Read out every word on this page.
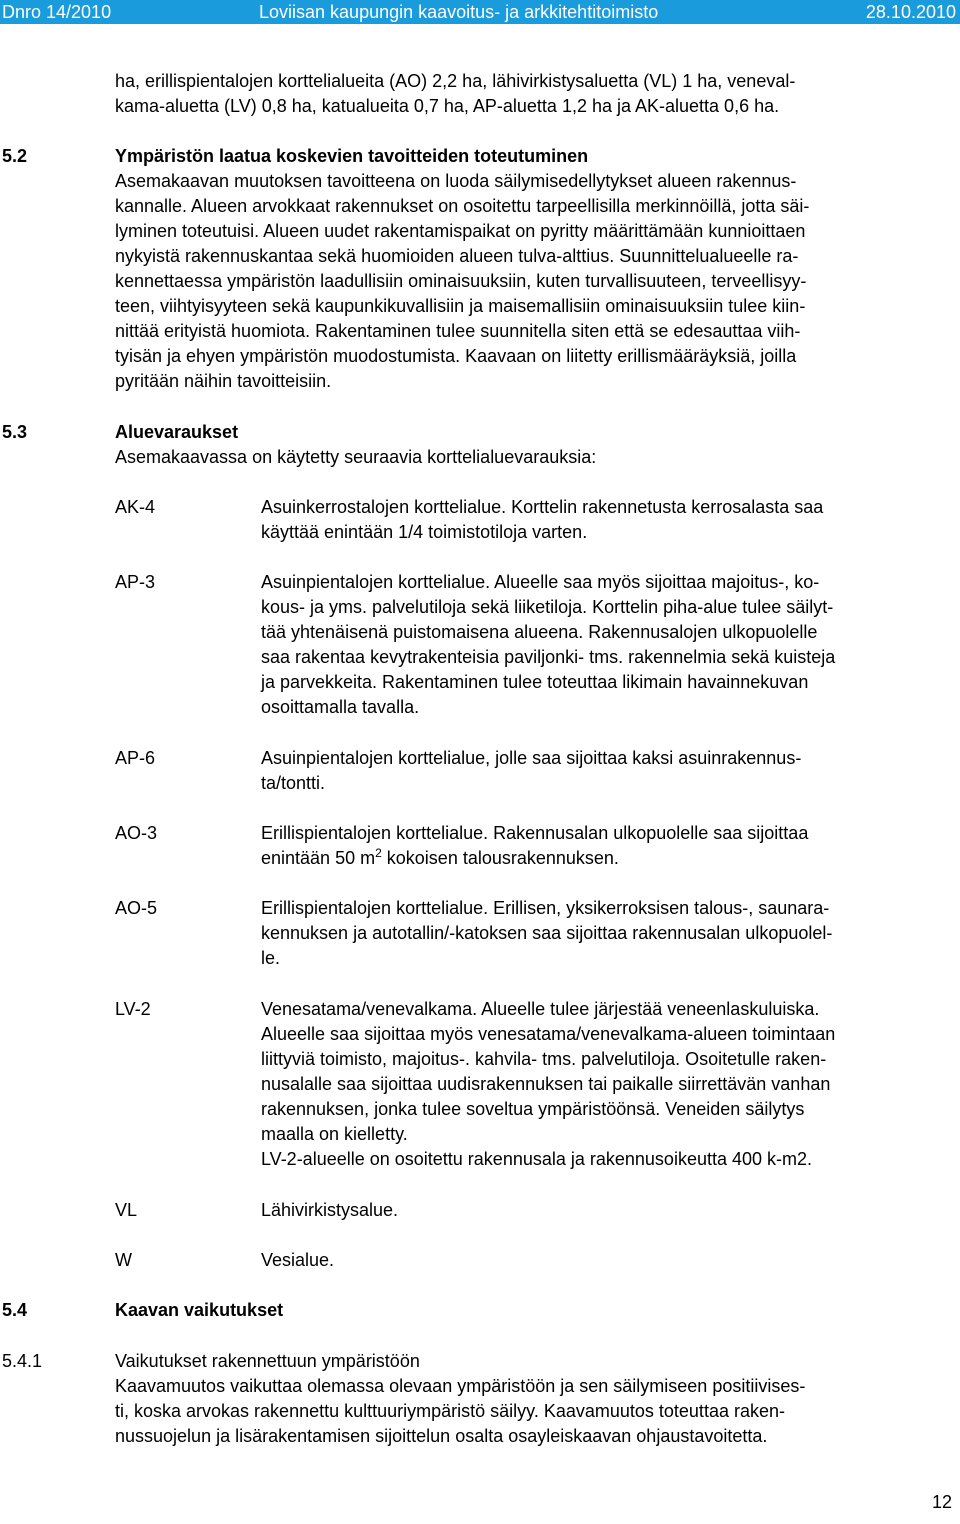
Dnro 14/2010	Loviisan kaupungin kaavoitus- ja arkkitehtitoimisto	28.10.2010
ha, erillispientalojen korttelialueita (AO) 2,2 ha, lähivirkistysaluetta (VL) 1 ha, veneval-
kama-aluetta (LV) 0,8 ha, katualueita 0,7 ha, AP-aluetta 1,2 ha ja AK-aluetta 0,6 ha.
5.2	Ympäristön laatua koskevien tavoitteiden toteutuminen
Asemakaavan muutoksen tavoitteena on luoda säilymisedellytykset alueen rakennus-
kannalle. Alueen arvokkaat rakennukset on osoitettu tarpeellisilla merkinnöillä, jotta säi-
lyminen toteutuisi. Alueen uudet rakentamispaikat on pyritty määrittämään kunnioittaen
nykyistä rakennuskantaa sekä huomioiden alueen tulva-alttius. Suunnittelualueelle ra-
kennettaessa ympäristön laadullisiin ominaisuuksiin, kuten turvallisuuteen, terveellisyy-
teen, viihtyisyyteen sekä kaupunkikuvallisiin ja maisemallisiin ominaisuuksiin tulee kiin-
nittää erityistä huomiota. Rakentaminen tulee suunnitella siten että se edesauttaa viih-
tyisän ja ehyen ympäristön muodostumista. Kaavaan on liitetty erillismääräyksiä, joilla
pyritään näihin tavoitteisiin.
5.3	Aluevaraukset
Asemakaavassa on käytetty seuraavia korttelialuevarauksia:
AK-4	Asuinkerrostalojen korttelialue. Korttelin rakennetusta kerrosalasta saa
käyttää enintään 1/4 toimistotiloja varten.
AP-3	Asuinpientalojen korttelialue. Alueelle saa myös sijoittaa majoitus-, ko-
kous- ja yms. palvelutiloja sekä liiketiloja. Korttelin piha-alue tulee säilyt-
tää yhtenäisenä puistomaisena alueena. Rakennusalojen ulkopuolelle
saa rakentaa kevytrakenteisia paviljonki- tms. rakennelmia sekä kuisteja
ja parvekkeita. Rakentaminen tulee toteuttaa likimain havainnekuvan
osoittamalla tavalla.
AP-6	Asuinpientalojen korttelialue, jolle saa sijoittaa kaksi asuinrakennus-
ta/tontti.
AO-3	Erillispientalojen korttelialue. Rakennusalan ulkopuolelle saa sijoittaa
enintään 50 $m^2$ kokoisen talousrakennuksen.
AO-5	Erillispientalojen korttelialue. Erillisen, yksikerroksisen talous-, saunara-
kennuksen ja autotallin/-katoksen saa sijoittaa rakennusalan ulkopuolel-
le.
LV-2	Venesatama/venevalkama. Alueelle tulee järjestää veneenlaskuluiska.
Alueelle saa sijoittaa myös venesatama/venevalkama-alueen toimintaan
liittyviä toimisto, majoitus-. kahvila- tms. palvelutiloja. Osoitetulle raken-
nusalalle saa sijoittaa uudisrakennuksen tai paikalle siirrettävän vanhan
rakennuksen, jonka tulee soveltua ympäristöönsä. Veneiden säilytys
maalla on kielletty.
LV-2-alueelle on osoitettu rakennusala ja rakennusoikeutta 400 k-m2.
VL	Lähivirkistysalue.
W	Vesialue.
5.4	Kaavan vaikutukset
5.4.1	Vaikutukset rakennettuun ympäristöön
Kaavamuutos vaikuttaa olemassa olevaan ympäristöön ja sen säilymiseen positiivises-
ti, koska arvokas rakennettu kulttuuriympäristö säilyy. Kaavamuutos toteuttaa raken-
nussuojelun ja lisärakentamisen sijoittelun osalta osayleiskaavan ohjaustavoitetta.
12
